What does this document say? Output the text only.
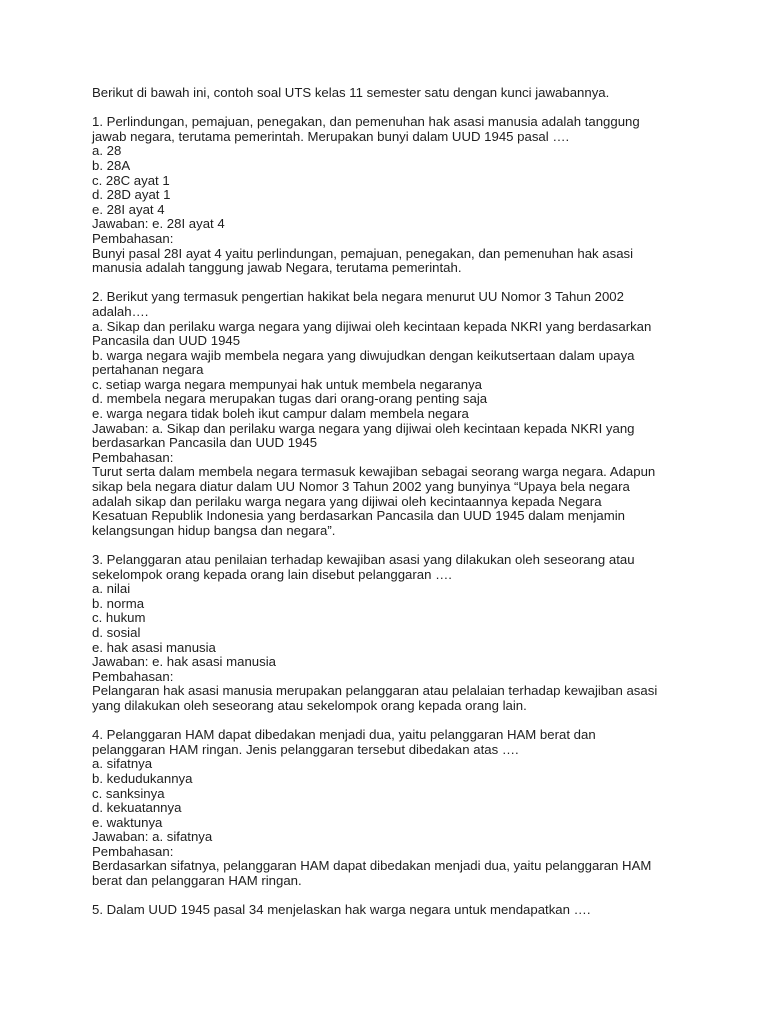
Berikut di bawah ini, contoh soal UTS kelas 11 semester satu dengan kunci jawabannya.
1. Perlindungan, pemajuan, penegakan, dan pemenuhan hak asasi manusia adalah tanggung
jawab negara, terutama pemerintah. Merupakan bunyi dalam UUD 1945 pasal ….
a. 28
b. 28A
c. 28C ayat 1
d. 28D ayat 1
e. 28I ayat 4
Jawaban: e. 28I ayat 4
Pembahasan:
Bunyi pasal 28I ayat 4 yaitu perlindungan, pemajuan, penegakan, dan pemenuhan hak asasi
manusia adalah tanggung jawab Negara, terutama pemerintah.
2. Berikut yang termasuk pengertian hakikat bela negara menurut UU Nomor 3 Tahun 2002
adalah….
a. Sikap dan perilaku warga negara yang dijiwai oleh kecintaan kepada NKRI yang berdasarkan
Pancasila dan UUD 1945
b. warga negara wajib membela negara yang diwujudkan dengan keikutsertaan dalam upaya
pertahanan negara
c. setiap warga negara mempunyai hak untuk membela negaranya
d. membela negara merupakan tugas dari orang-orang penting saja
e. warga negara tidak boleh ikut campur dalam membela negara
Jawaban: a. Sikap dan perilaku warga negara yang dijiwai oleh kecintaan kepada NKRI yang
berdasarkan Pancasila dan UUD 1945
Pembahasan:
Turut serta dalam membela negara termasuk kewajiban sebagai seorang warga negara. Adapun
sikap bela negara diatur dalam UU Nomor 3 Tahun 2002 yang bunyinya “Upaya bela negara
adalah sikap dan perilaku warga negara yang dijiwai oleh kecintaannya kepada Negara
Kesatuan Republik Indonesia yang berdasarkan Pancasila dan UUD 1945 dalam menjamin
kelangsungan hidup bangsa dan negara”.
3. Pelanggaran atau penilaian terhadap kewajiban asasi yang dilakukan oleh seseorang atau
sekelompok orang kepada orang lain disebut pelanggaran ….
a. nilai
b. norma
c. hukum
d. sosial
e. hak asasi manusia
Jawaban: e. hak asasi manusia
Pembahasan:
Pelangaran hak asasi manusia merupakan pelanggaran atau pelalaian terhadap kewajiban asasi
yang dilakukan oleh seseorang atau sekelompok orang kepada orang lain.
4. Pelanggaran HAM dapat dibedakan menjadi dua, yaitu pelanggaran HAM berat dan
pelanggaran HAM ringan. Jenis pelanggaran tersebut dibedakan atas ….
a. sifatnya
b. kedudukannya
c. sanksinya
d. kekuatannya
e. waktunya
Jawaban: a. sifatnya
Pembahasan:
Berdasarkan sifatnya, pelanggaran HAM dapat dibedakan menjadi dua, yaitu pelanggaran HAM
berat dan pelanggaran HAM ringan.
5. Dalam UUD 1945 pasal 34 menjelaskan hak warga negara untuk mendapatkan ….
